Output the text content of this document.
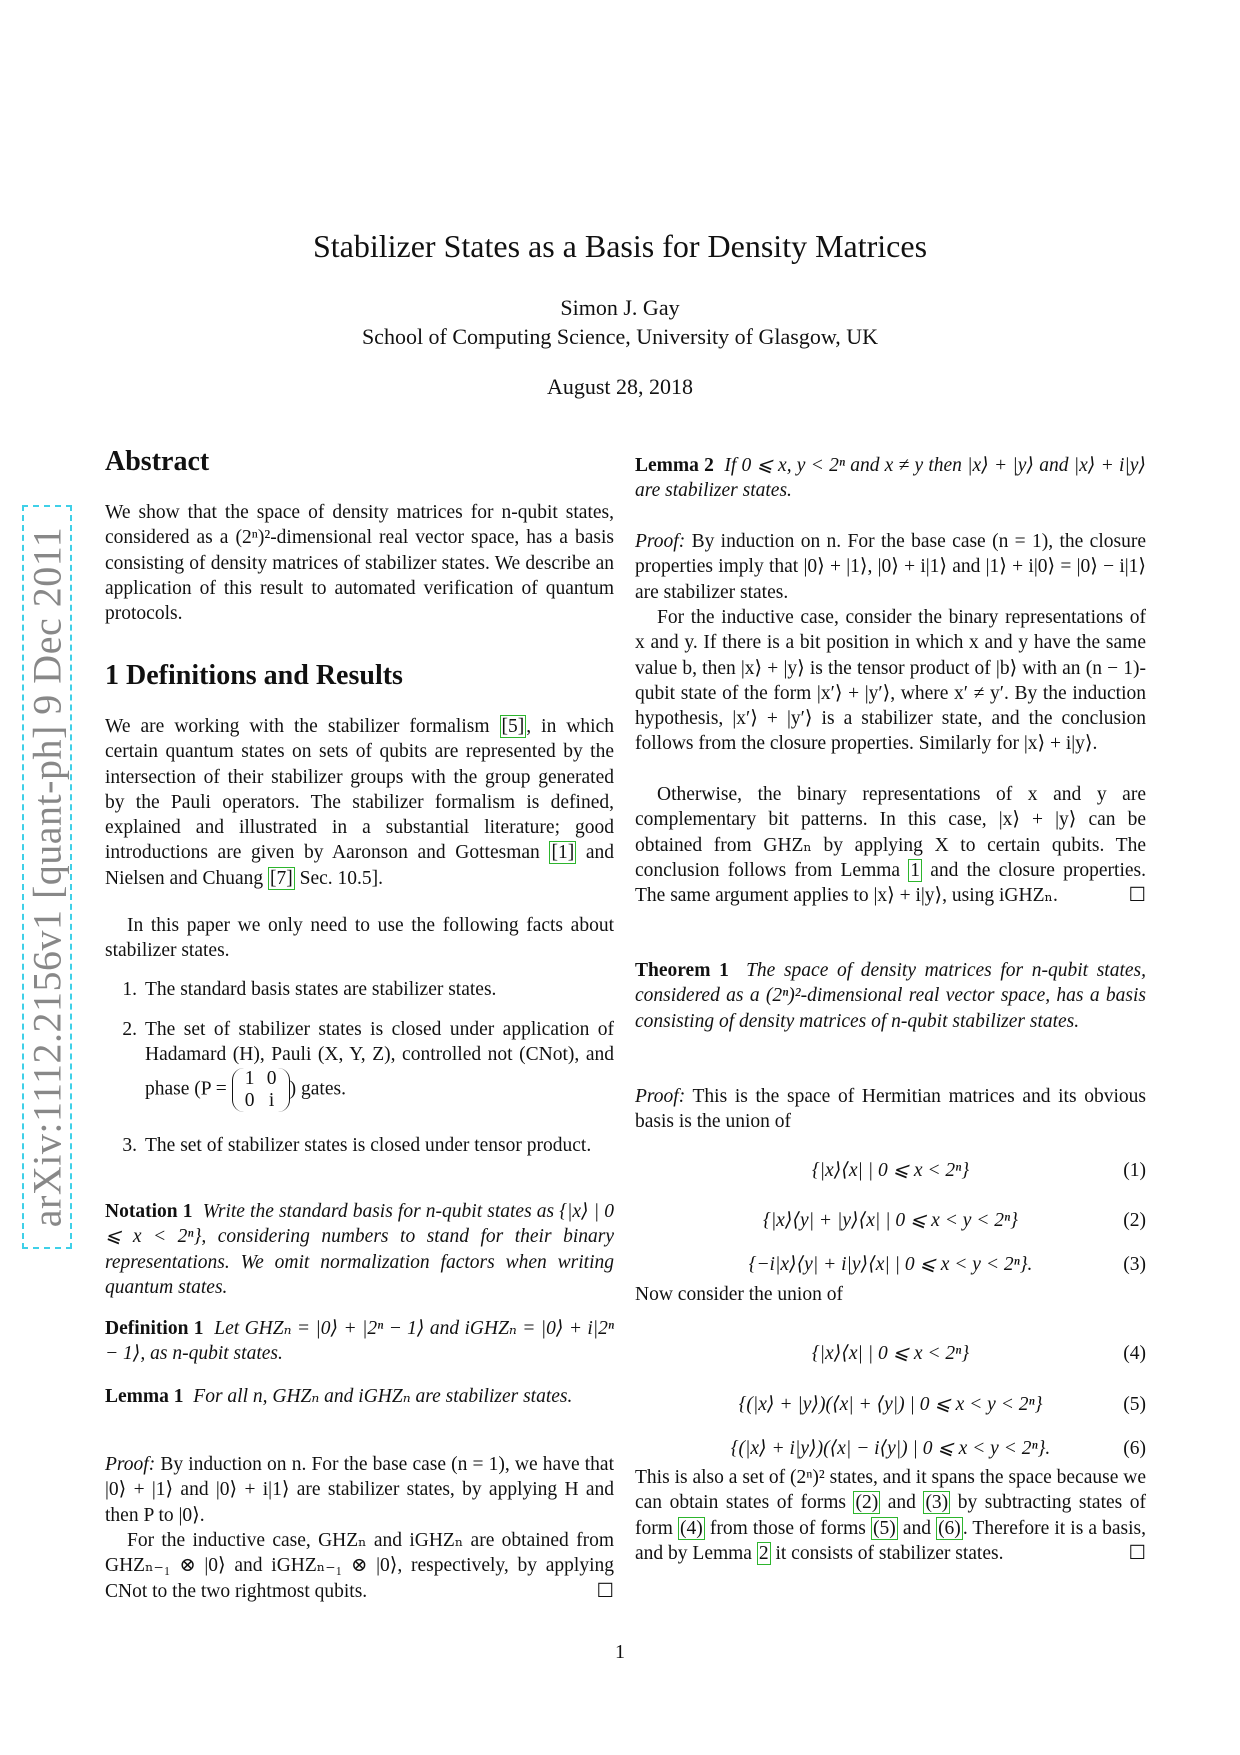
arXiv:1112.2156v1 [quant-ph] 9 Dec 2011
Stabilizer States as a Basis for Density Matrices
Simon J. Gay
School of Computing Science, University of Glasgow, UK
August 28, 2018
Abstract
We show that the space of density matrices for n-qubit states, considered as a (2ⁿ)²-dimensional real vector space, has a basis consisting of density matrices of stabilizer states. We describe an application of this result to automated verification of quantum protocols.
1 Definitions and Results
We are working with the stabilizer formalism [5] , in which certain quantum states on sets of qubits are represented by the intersection of their stabilizer groups with the group generated by the Pauli operators. The stabilizer formalism is defined, explained and illustrated in a substantial literature; good introductions are given by Aaronson and Gottesman [1] and Nielsen and Chuang [7] Sec. 10.5].
In this paper we only need to use the following facts about stabilizer states.
1. The standard basis states are stabilizer states.
2. The set of stabilizer states is closed under application of Hadamard (H), Pauli (X, Y, Z), controlled not (CNot), and phase (P = 1 0
0 i) gates.
3. The set of stabilizer states is closed under tensor product.
Notation 1 Write the standard basis for n-qubit states as {|x⟩ | 0 ⩽ x < 2ⁿ}, considering numbers to stand for their binary representations. We omit normalization factors when writing quantum states.
Definition 1 Let GHZₙ = |0⟩ + |2ⁿ − 1⟩ and iGHZₙ = |0⟩ + i|2ⁿ − 1⟩, as n-qubit states.
Lemma 1 For all n, GHZₙ and iGHZₙ are stabilizer states.
Proof: By induction on n. For the base case (n = 1), we have that |0⟩ + |1⟩ and |0⟩ + i|1⟩ are stabilizer states, by applying H and then P to |0⟩.
For the inductive case, GHZₙ and iGHZₙ are obtained from GHZₙ₋₁ ⊗ |0⟩ and iGHZₙ₋₁ ⊗ |0⟩, respectively, by applying CNot to the two rightmost qubits.	☐
Lemma 2 If 0 ⩽ x, y < 2ⁿ and x ≠ y then |x⟩ + |y⟩ and |x⟩ + i|y⟩ are stabilizer states.
Proof: By induction on n. For the base case (n = 1), the closure properties imply that |0⟩ + |1⟩, |0⟩ + i|1⟩ and |1⟩ + i|0⟩ = |0⟩ − i|1⟩ are stabilizer states.
For the inductive case, consider the binary representations of x and y. If there is a bit position in which x and y have the same value b, then |x⟩ + |y⟩ is the tensor product of |b⟩ with an (n − 1)-qubit state of the form |x′⟩ + |y′⟩, where x′ ≠ y′. By the induction hypothesis, |x′⟩ + |y′⟩ is a stabilizer state, and the conclusion follows from the closure properties. Similarly for |x⟩ + i|y⟩.
Otherwise, the binary representations of x and y are complementary bit patterns. In this case, |x⟩ + |y⟩ can be obtained from GHZₙ by applying X to certain qubits. The conclusion follows from Lemma 1 and the closure properties. The same argument applies to |x⟩ + i|y⟩, using iGHZₙ.	☐
Theorem 1 The space of density matrices for n-qubit states, considered as a (2ⁿ)²-dimensional real vector space, has a basis consisting of density matrices of n-qubit stabilizer states.
Proof: This is the space of Hermitian matrices and its obvious basis is the union of
{|x⟩⟨x| | 0 ⩽ x < 2ⁿ}	(1)
{|x⟩⟨y| + |y⟩⟨x| | 0 ⩽ x < y < 2ⁿ}	(2)
{−i|x⟩⟨y| + i|y⟩⟨x| | 0 ⩽ x < y < 2ⁿ}.	(3)
Now consider the union of
{|x⟩⟨x| | 0 ⩽ x < 2ⁿ}	(4)
{(|x⟩ + |y⟩)(⟨x| + ⟨y|) | 0 ⩽ x < y < 2ⁿ}	(5)
{(|x⟩ + i|y⟩)(⟨x| − i⟨y|) | 0 ⩽ x < y < 2ⁿ}.	(6)
This is also a set of (2ⁿ)² states, and it spans the space because we can obtain states of forms (2) and (3) by subtracting states of form (4) from those of forms (5) and (6) . Therefore it is a basis, and by Lemma 2 it consists of stabilizer states.	☐
1
